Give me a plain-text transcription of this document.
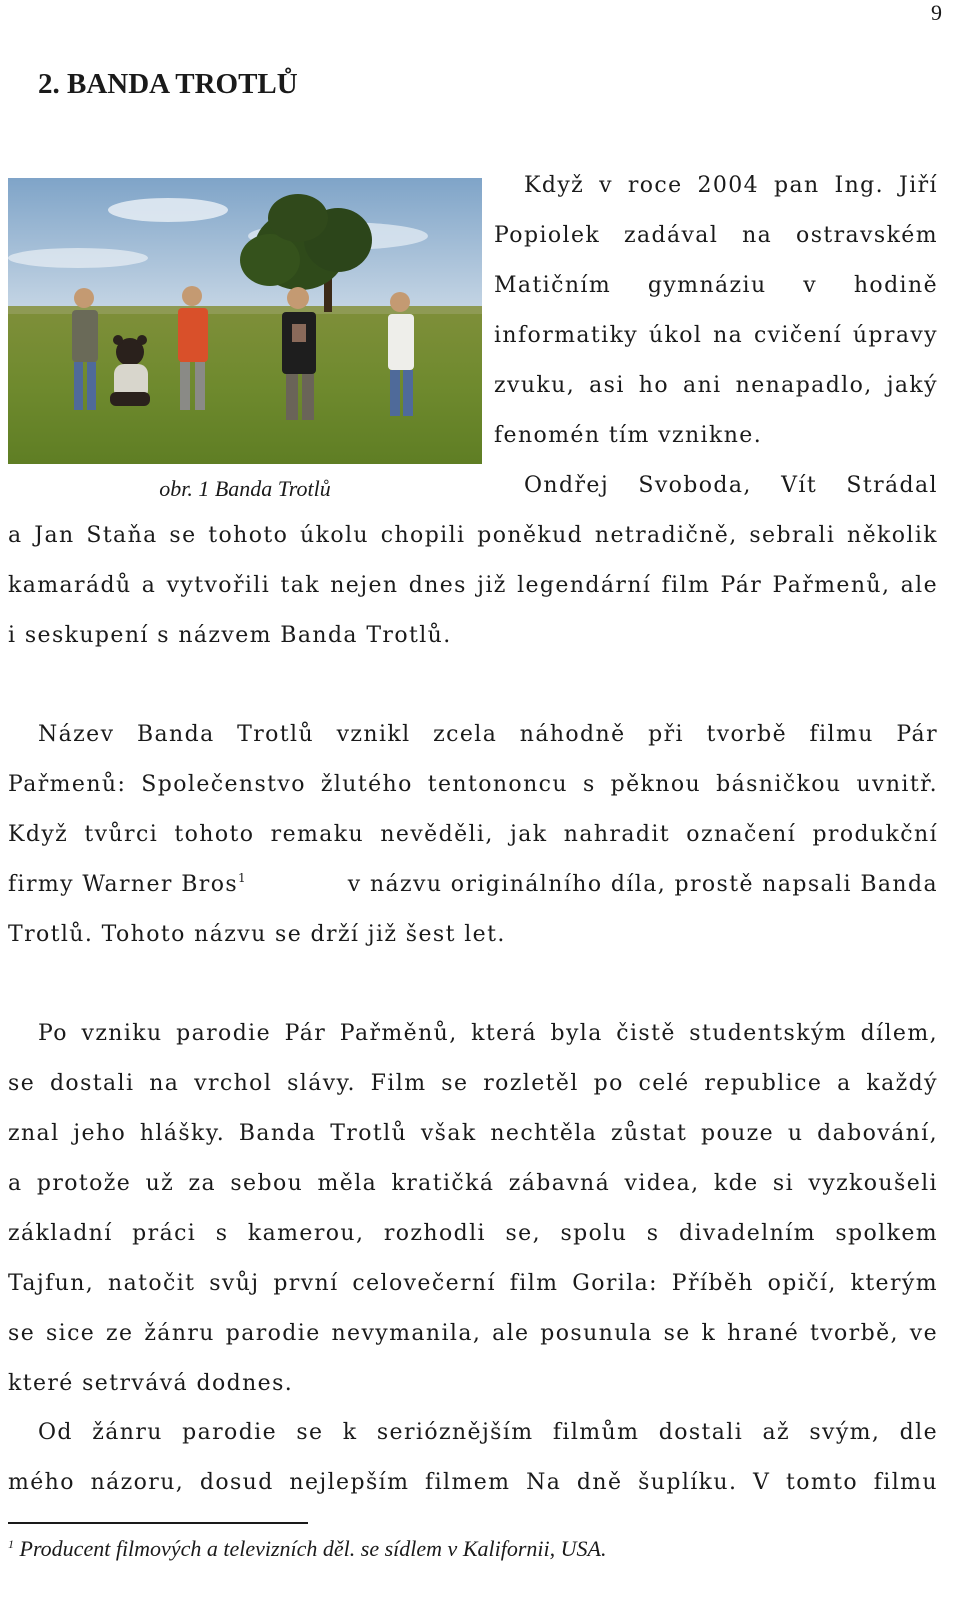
9
2. BANDA TROTLŮ
obr. 1 Banda Trotlů

Když v roce 2004 pan Ing. Jiří

Popiolek zadával na ostravském

Matičním gymnáziu v hodině

informatiky úkol na cvičení úpravy

zvuku, asi ho ani nenapadlo, jaký

fenomén tím vznikne.

Ondřej Svoboda, Vít Strádal

a Jan Staňa se tohoto úkolu chopili poněkud netradičně, sebrali několik

kamarádů a vytvořili tak nejen dnes již legendární film Pár Pařmenů, ale

i seskupení s názvem Banda Trotlů.

Název Banda Trotlů vznikl zcela náhodně při tvorbě filmu Pár

Pařmenů: Společenstvo žlutého tentononcu s pěknou básničkou uvnitř.

Když tvůrci tohoto remaku nevěděli, jak nahradit označení produkční

firmy Warner Bros$^1$	v názvu originálního díla, prostě napsali Banda

Trotlů. Tohoto názvu se drží již šest let.

Po vzniku parodie Pár Pařměnů, která byla čistě studentským dílem,

se dostali na vrchol slávy. Film se rozletěl po celé republice a každý

znal jeho hlášky. Banda Trotlů však nechtěla zůstat pouze u dabování,

a protože už za sebou měla kratičká zábavná videa, kde si vyzkoušeli

základní práci s kamerou, rozhodli se, spolu s divadelním spolkem

Tajfun, natočit svůj první celovečerní film Gorila: Příběh opičí, kterým

se sice ze žánru parodie nevymanila, ale posunula se k hrané tvorbě, ve

které setrvává dodnes.

Od žánru parodie se k serióznějším filmům dostali až svým, dle

mého názoru, dosud nejlepším filmem Na dně šuplíku. V tomto filmu

$^1$ Producent filmových a televizních děl. se sídlem v Kalifornii, USA.
